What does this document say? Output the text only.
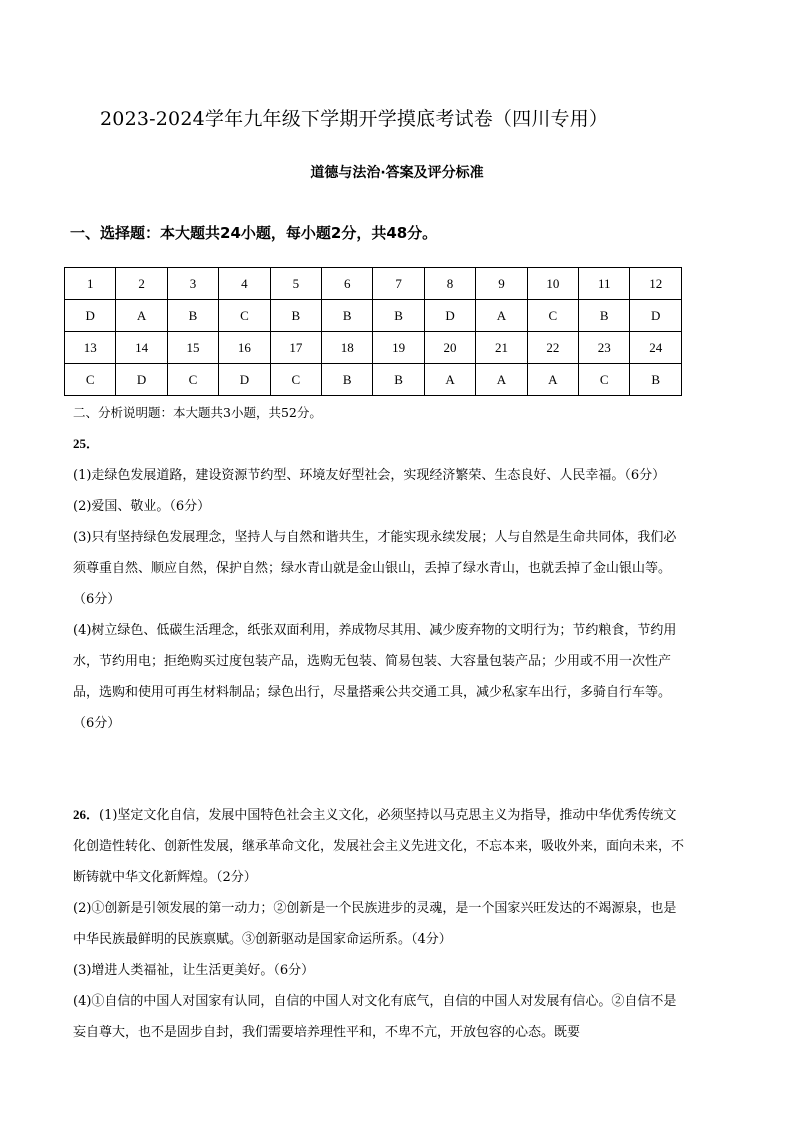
2023-2024学年九年级下学期开学摸底考试卷（四川专用）
道德与法治·答案及评分标准
一、选择题：本大题共24小题，每小题2分，共48分。
1	2	3	4	5	6	7	8	9	10	11	12
D	A	B	C	B	B	B	D	A	C	B	D
13	14	15	16	17	18	19	20	21	22	23	24
C	D	C	D	C	B	B	A	A	A	C	B
二、分析说明题：本大题共3小题，共52分。

25．(1)走绿色发展道路，建设资源节约型、环境友好型社会，实现经济繁荣、生态良好、人民幸福。（6分）

(2)爱国、敬业。（6分）

(3)只有坚持绿色发展理念，坚持人与自然和谐共生，才能实现永续发展；人与自然是生命共同体，我们必须尊重自然、顺应自然，保护自然；绿水青山就是金山银山，丢掉了绿水青山，也就丢掉了金山银山等。（6分）

(4)树立绿色、低碳生活理念，纸张双面利用，养成物尽其用、减少废弃物的文明行为；节约粮食，节约用水，节约用电；拒绝购买过度包装产品，选购无包装、简易包装、大容量包装产品；少用或不用一次性产品，选购和使用可再生材料制品；绿色出行，尽量搭乘公共交通工具，减少私家车出行，多骑自行车等。（6分）

26．(1)坚定文化自信，发展中国特色社会主义文化，必须坚持以马克思主义为指导，推动中华优秀传统文化创造性转化、创新性发展，继承革命文化，发展社会主义先进文化，不忘本来，吸收外来，面向未来，不断铸就中华文化新辉煌。（2分）

(2)①创新是引领发展的第一动力；②创新是一个民族进步的灵魂，是一个国家兴旺发达的不竭源泉，也是中华民族最鲜明的民族禀赋。③创新驱动是国家命运所系。（4分）

(3)增进人类福祉，让生活更美好。（6分）

(4)①自信的中国人对国家有认同，自信的中国人对文化有底气，自信的中国人对发展有信心。②自信不是妄自尊大，也不是固步自封，我们需要培养理性平和，不卑不亢，开放包容的心态。既要
